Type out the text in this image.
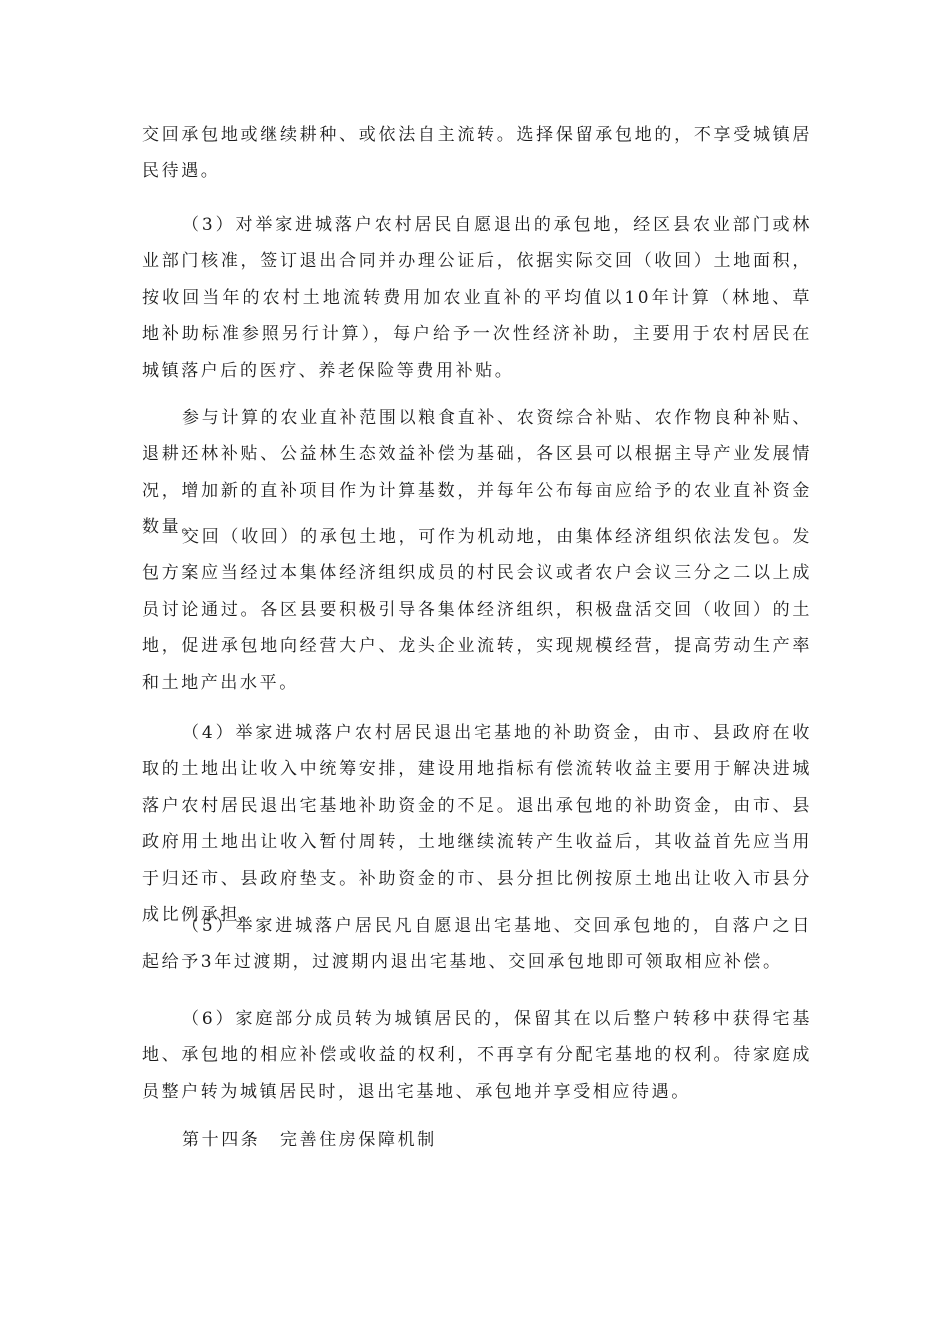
交回承包地或继续耕种、或依法自主流转。选择保留承包地的，不享受城镇居民待遇。

（3）对举家进城落户农村居民自愿退出的承包地，经区县农业部门或林业部门核准，签订退出合同并办理公证后，依据实际交回（收回）土地面积，按收回当年的农村土地流转费用加农业直补的平均值以10年计算（林地、草地补助标准参照另行计算），每户给予一次性经济补助，主要用于农村居民在城镇落户后的医疗、养老保险等费用补贴。

参与计算的农业直补范围以粮食直补、农资综合补贴、农作物良种补贴、退耕还林补贴、公益林生态效益补偿为基础，各区县可以根据主导产业发展情况，增加新的直补项目作为计算基数，并每年公布每亩应给予的农业直补资金数量。

交回（收回）的承包土地，可作为机动地，由集体经济组织依法发包。发包方案应当经过本集体经济组织成员的村民会议或者农户会议三分之二以上成员讨论通过。各区县要积极引导各集体经济组织，积极盘活交回（收回）的土地，促进承包地向经营大户、龙头企业流转，实现规模经营，提高劳动生产率和土地产出水平。

（4）举家进城落户农村居民退出宅基地的补助资金，由市、县政府在收取的土地出让收入中统筹安排，建设用地指标有偿流转收益主要用于解决进城落户农村居民退出宅基地补助资金的不足。退出承包地的补助资金，由市、县政府用土地出让收入暂付周转，土地继续流转产生收益后，其收益首先应当用于归还市、县政府垫支。补助资金的市、县分担比例按原土地出让收入市县分成比例承担。

（5）举家进城落户居民凡自愿退出宅基地、交回承包地的，自落户之日起给予3年过渡期，过渡期内退出宅基地、交回承包地即可领取相应补偿。

（6）家庭部分成员转为城镇居民的，保留其在以后整户转移中获得宅基地、承包地的相应补偿或收益的权利，不再享有分配宅基地的权利。待家庭成员整户转为城镇居民时，退出宅基地、承包地并享受相应待遇。

第十四条　完善住房保障机制
